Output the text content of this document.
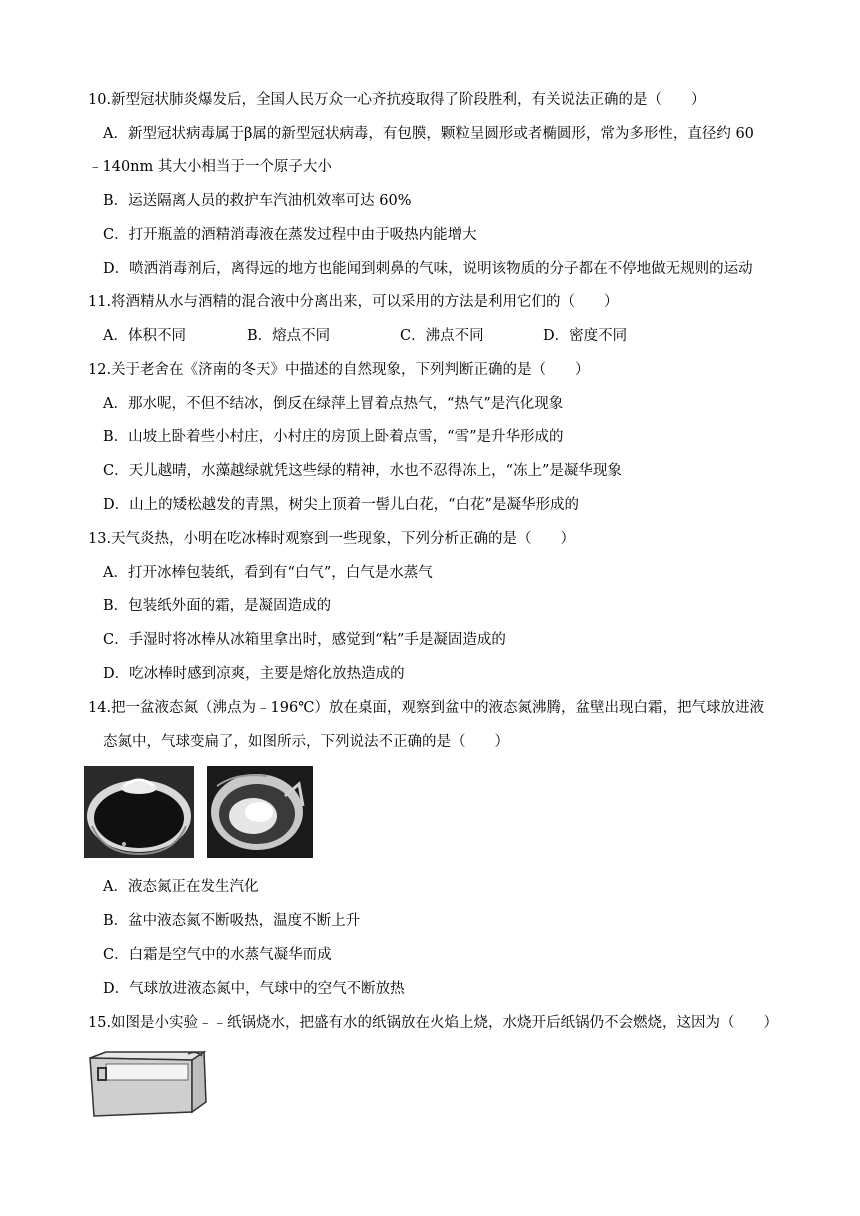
10.新型冠状肺炎爆发后，全国人民万众一心齐抗疫取得了阶段胜利，有关说法正确的是（　　）
A．新型冠状病毒属于β属的新型冠状病毒，有包膜，颗粒呈圆形或者椭圆形，常为多形性，直径约 60
﹣140nm 其大小相当于一个原子大小
B．运送隔离人员的救护车汽油机效率可达 60%
C．打开瓶盖的酒精消毒液在蒸发过程中由于吸热内能增大
D．喷洒消毒剂后，离得远的地方也能闻到刺鼻的气味，说明该物质的分子都在不停地做无规则的运动
11.将酒精从水与酒精的混合液中分离出来，可以采用的方法是利用它们的（　　）
A．体积不同	B．熔点不同	C．沸点不同	D．密度不同
12.关于老舍在《济南的冬天》中描述的自然现象，下列判断正确的是（　　）
A．那水呢，不但不结冰，倒反在绿萍上冒着点热气，“热气”是汽化现象
B．山坡上卧着些小村庄，小村庄的房顶上卧着点雪，“雪”是升华形成的
C．天儿越晴，水藻越绿就凭这些绿的精神，水也不忍得冻上，“冻上”是凝华现象
D．山上的矮松越发的青黑，树尖上顶着一髻儿白花，“白花”是凝华形成的
13.天气炎热，小明在吃冰棒时观察到一些现象，下列分析正确的是（　　）
A．打开冰棒包装纸，看到有“白气”，白气是水蒸气
B．包装纸外面的霜，是凝固造成的
C．手湿时将冰棒从冰箱里拿出时，感觉到“粘”手是凝固造成的
D．吃冰棒时感到凉爽，主要是熔化放热造成的
14.把一盆液态氮（沸点为﹣196℃）放在桌面，观察到盆中的液态氮沸腾，盆壁出现白霜，把气球放进液
态氮中，气球变扁了，如图所示，下列说法不正确的是（　　）
A．液态氮正在发生汽化
B．盆中液态氮不断吸热，温度不断上升
C．白霜是空气中的水蒸气凝华而成
D．气球放进液态氮中，气球中的空气不断放热
15.如图是小实验﹣﹣纸锅烧水，把盛有水的纸锅放在火焰上烧，水烧开后纸锅仍不会燃烧，这因为（　　）
